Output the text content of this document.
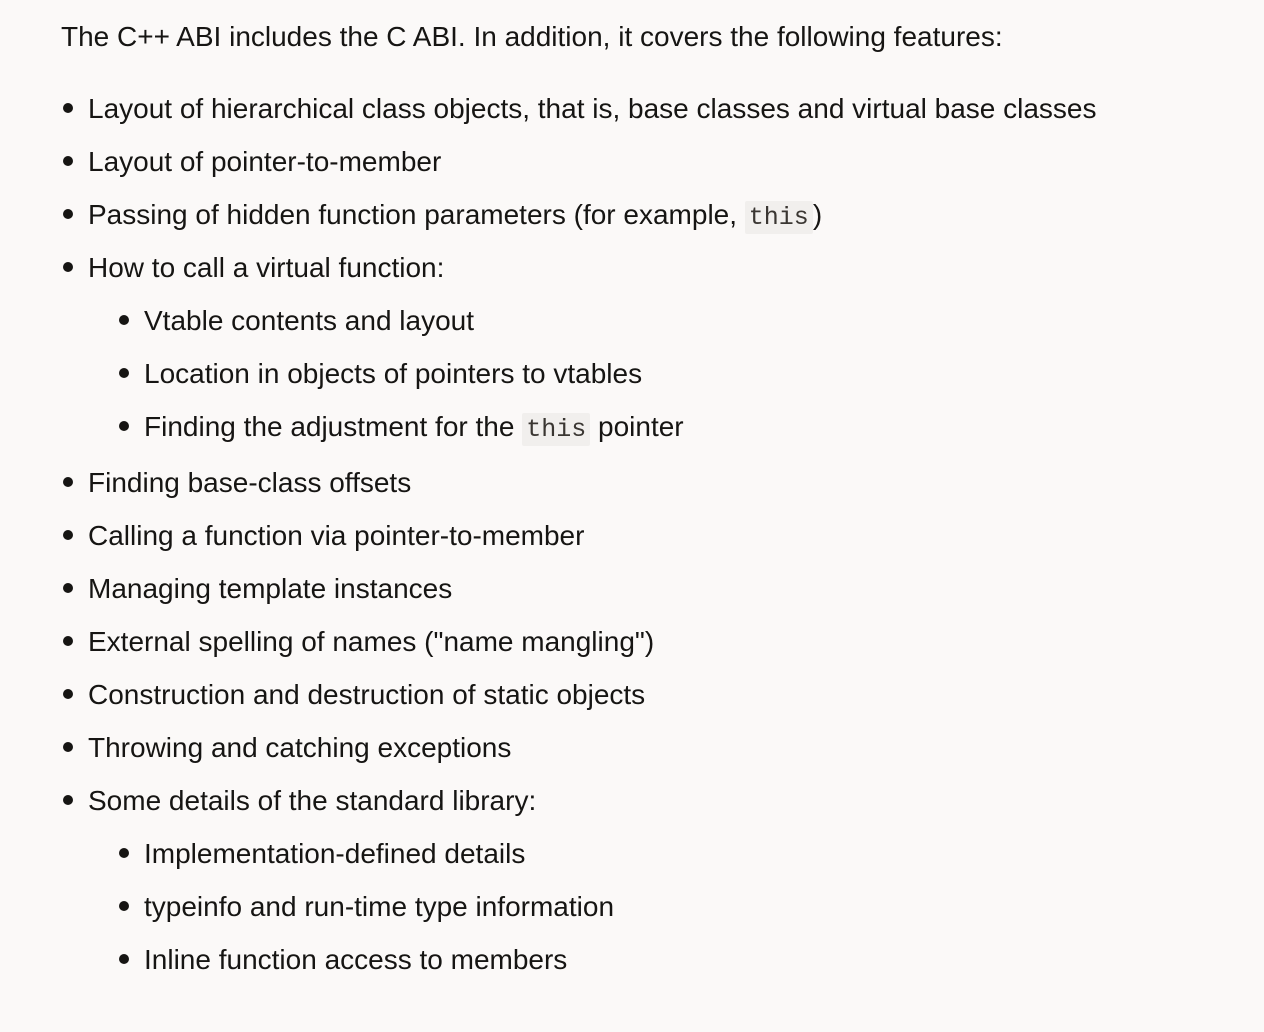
The C++ ABI includes the C ABI. In addition, it covers the following features:

Layout of hierarchical class objects, that is, base classes and virtual base classes
Layout of pointer-to-member
Passing of hidden function parameters (for example, this )
How to call a virtual function:
Vtable contents and layout
Location in objects of pointers to vtables
Finding the adjustment for the this pointer
Finding base-class offsets
Calling a function via pointer-to-member
Managing template instances
External spelling of names ("name mangling")
Construction and destruction of static objects
Throwing and catching exceptions
Some details of the standard library:
Implementation-defined details
typeinfo and run-time type information
Inline function access to members
